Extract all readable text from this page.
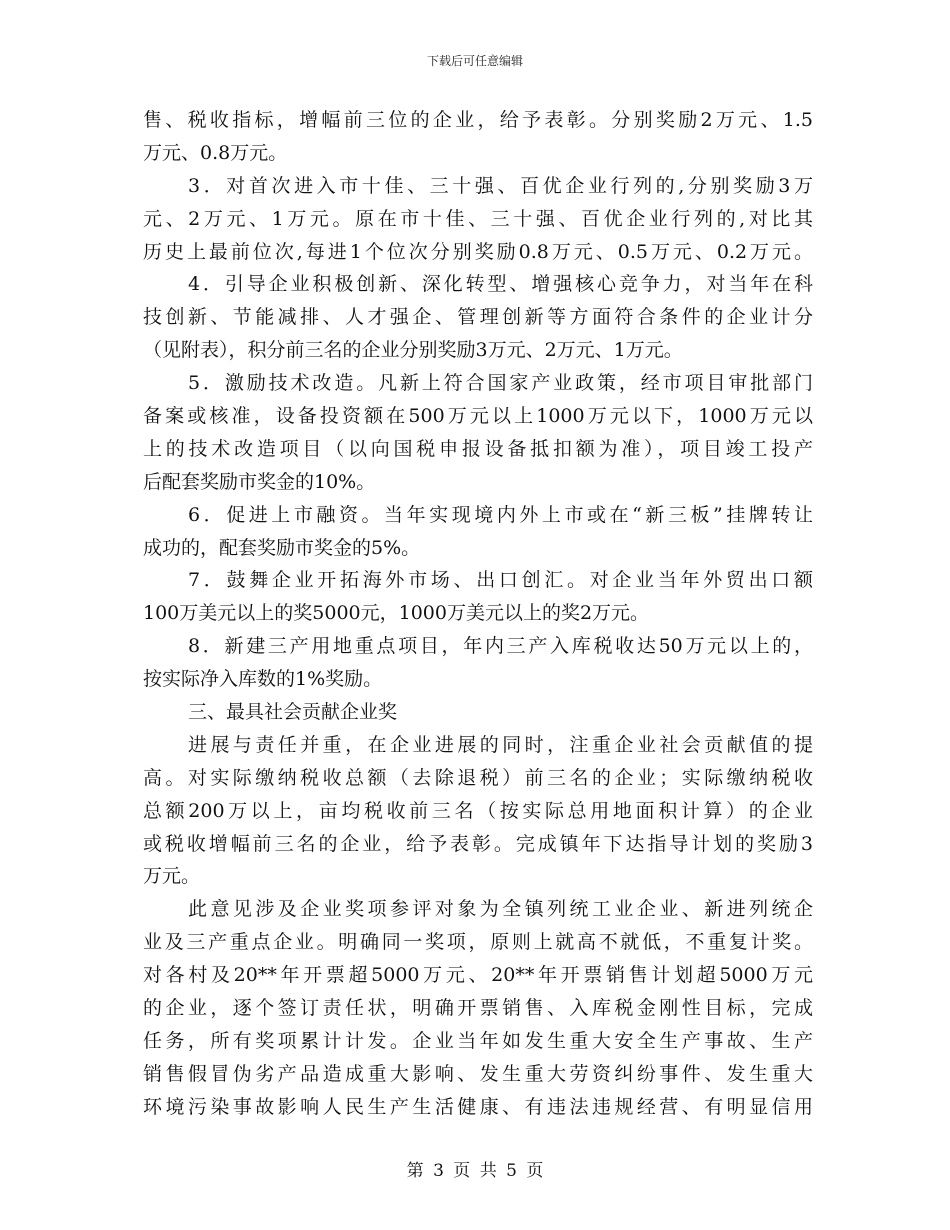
下载后可任意编辑
售、税收指标，增幅前三位的企业，给予表彰。分别奖励2万元、1.5
万元、0.8万元。
3．对首次进入市十佳、三十强、百优企业行列的,分别奖励3万
元、2万元、1万元。原在市十佳、三十强、百优企业行列的,对比其
历史上最前位次,每进1个位次分别奖励0.8万元、0.5万元、0.2万元。
4．引导企业积极创新、深化转型、增强核心竞争力，对当年在科
技创新、节能减排、人才强企、管理创新等方面符合条件的企业计分
（见附表），积分前三名的企业分别奖励3万元、2万元、1万元。
5．激励技术改造。凡新上符合国家产业政策，经市项目审批部门
备案或核准，设备投资额在500万元以上1000万元以下，1000万元以
上的技术改造项目（以向国税申报设备抵扣额为准），项目竣工投产
后配套奖励市奖金的10%。
6．促进上市融资。当年实现境内外上市或在“新三板”挂牌转让
成功的，配套奖励市奖金的5%。
7．鼓舞企业开拓海外市场、出口创汇。对企业当年外贸出口额
100万美元以上的奖5000元，1000万美元以上的奖2万元。
8．新建三产用地重点项目，年内三产入库税收达50万元以上的，
按实际净入库数的1%奖励。
三、最具社会贡献企业奖
进展与责任并重，在企业进展的同时，注重企业社会贡献值的提
高。对实际缴纳税收总额（去除退税）前三名的企业；实际缴纳税收
总额200万以上，亩均税收前三名（按实际总用地面积计算）的企业
或税收增幅前三名的企业，给予表彰。完成镇年下达指导计划的奖励3
万元。
此意见涉及企业奖项参评对象为全镇列统工业企业、新进列统企
业及三产重点企业。明确同一奖项，原则上就高不就低，不重复计奖。
对各村及20**年开票超5000万元、20**年开票销售计划超5000万元
的企业，逐个签订责任状，明确开票销售、入库税金刚性目标，完成
任务，所有奖项累计计发。企业当年如发生重大安全生产事故、生产
销售假冒伪劣产品造成重大影响、发生重大劳资纠纷事件、发生重大
环境污染事故影响人民生产生活健康、有违法违规经营、有明显信用
第 3 页 共 5 页
